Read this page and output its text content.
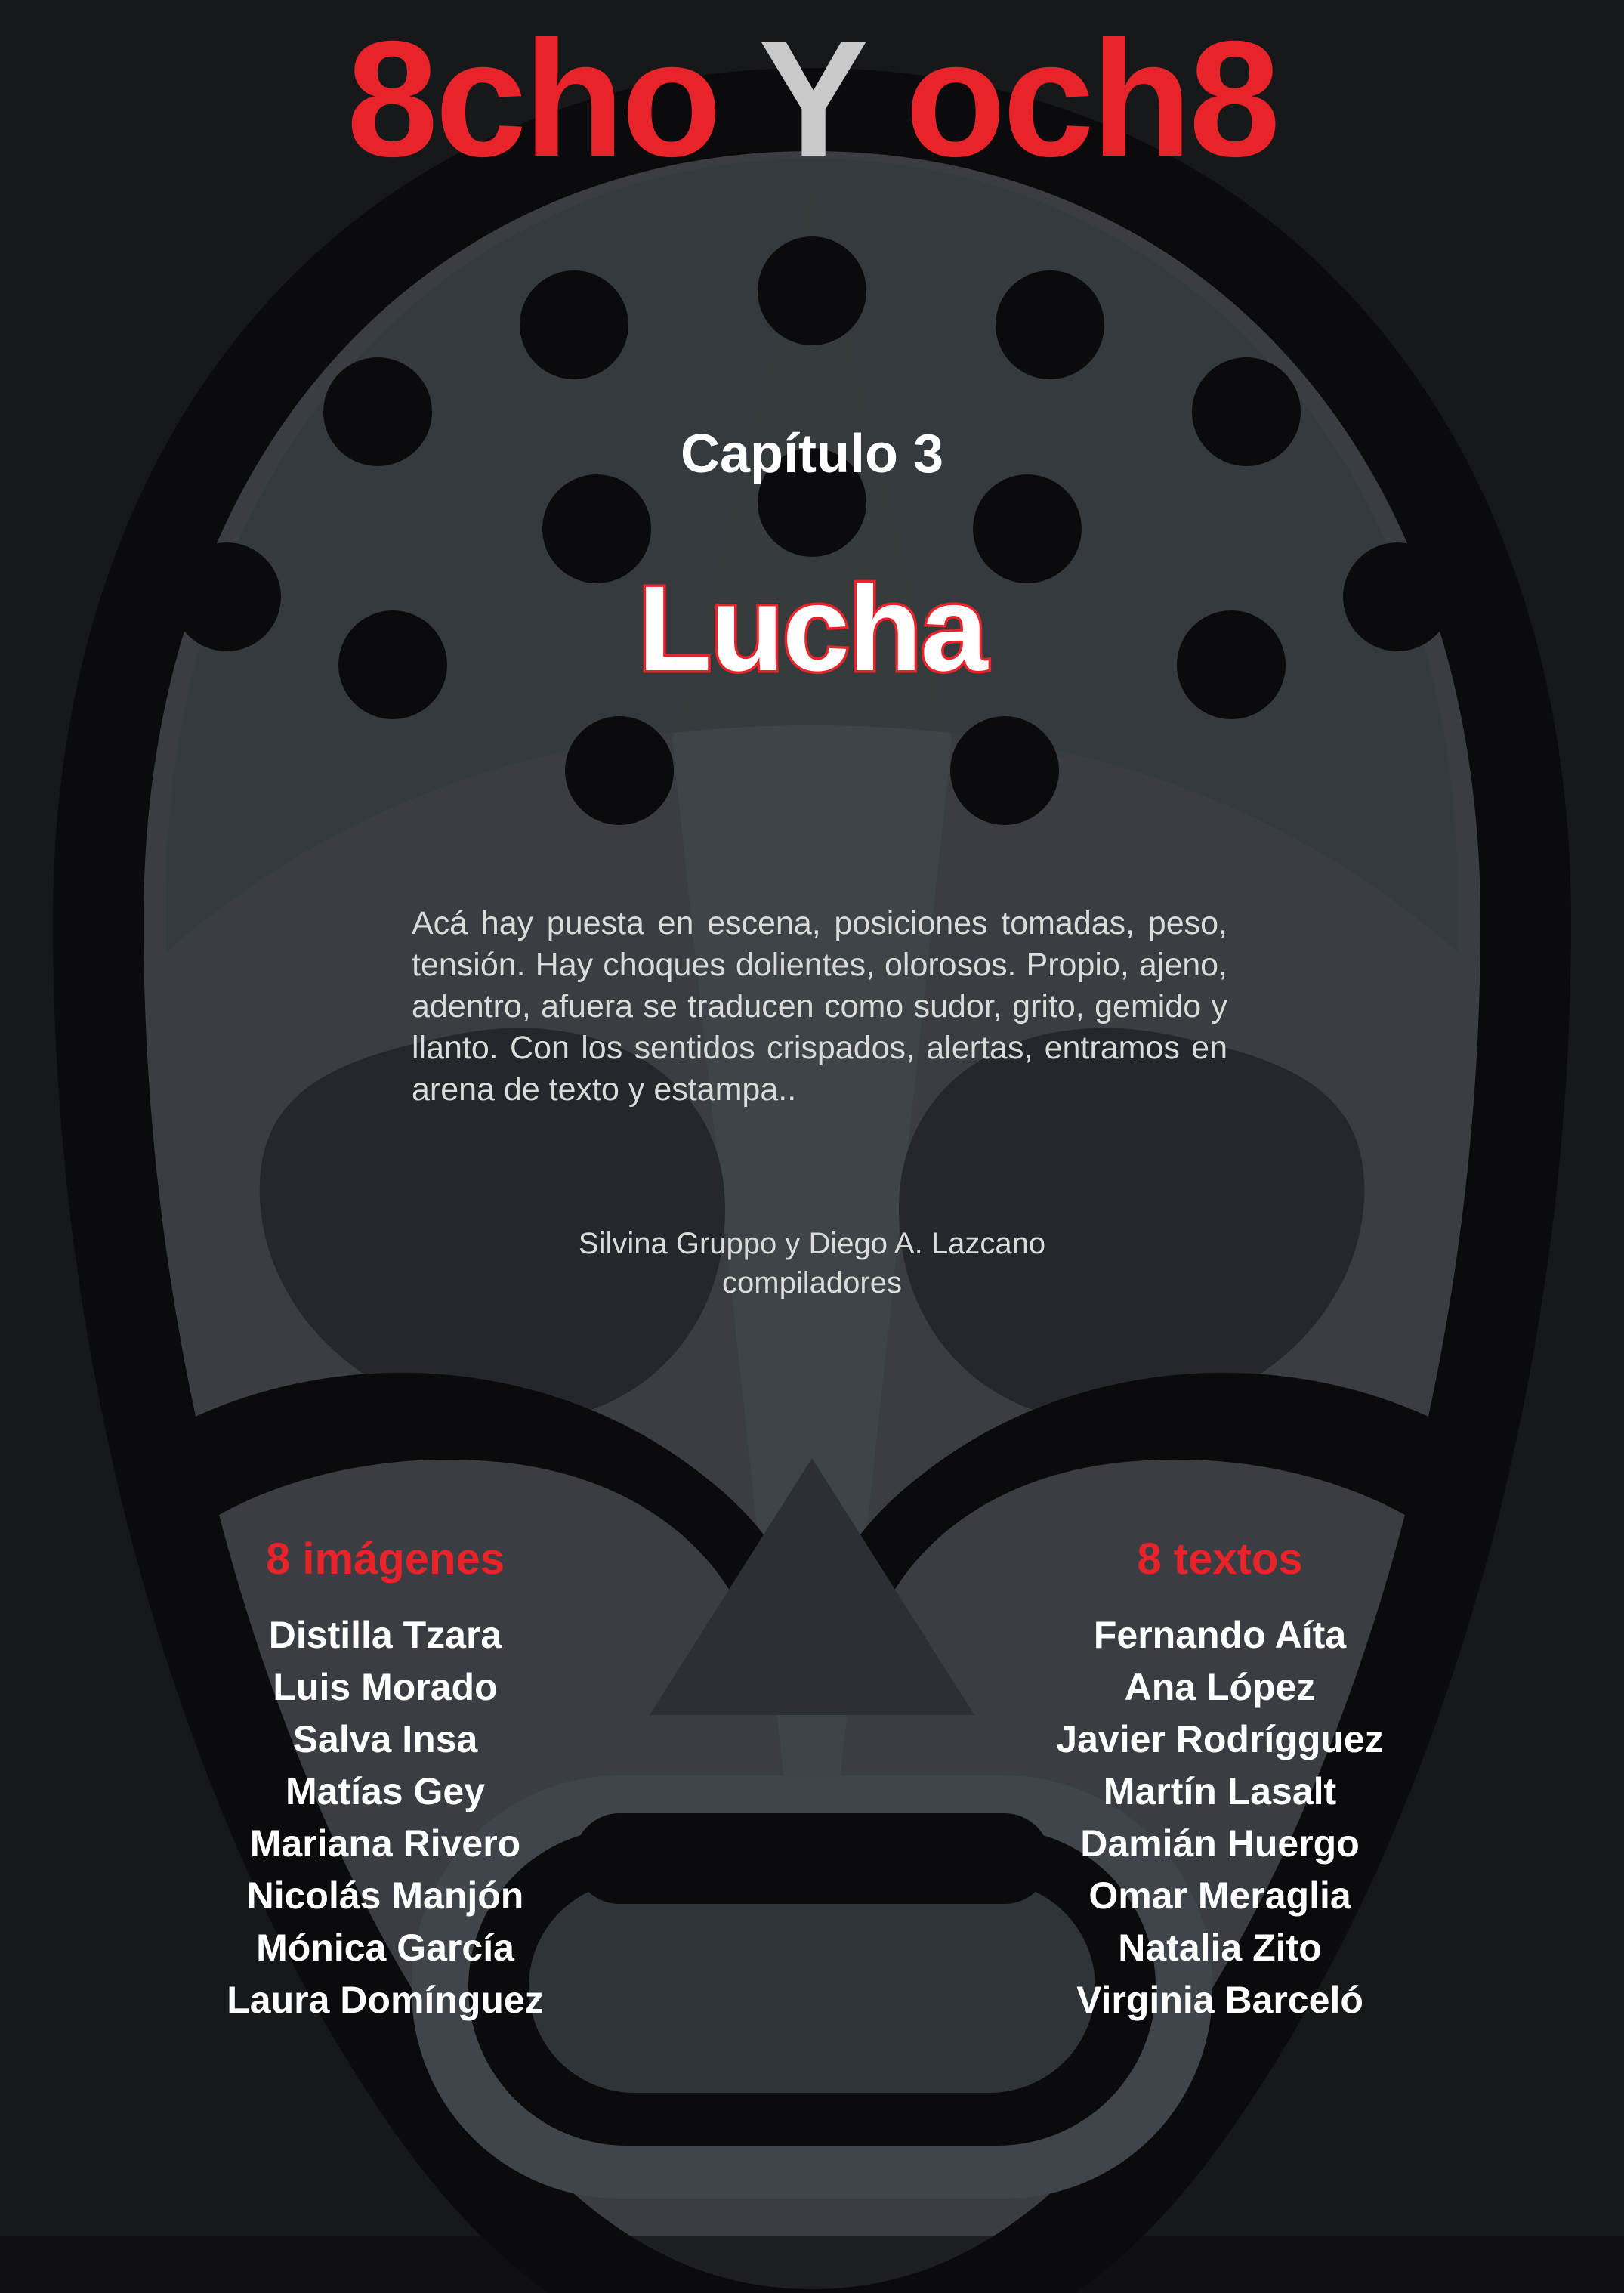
8cho Y och8
Capítulo 3
Lucha
Acá hay puesta en escena, posiciones tomadas, peso, tensión. Hay choques dolientes, olorosos. Propio, ajeno, adentro, afuera se traducen como sudor, grito, gemido y llanto. Con los sentidos crispados, alertas, entramos en arena de texto y estampa..
Silvina Gruppo y Diego A. Lazcano
compiladores
8 imágenes
Distilla Tzara
Luis Morado
Salva Insa
Matías Gey
Mariana Rivero
Nicolás Manjón
Mónica García
Laura Domínguez
8 textos
Fernando Aíta
Ana López
Javier Rodrígguez
Martín Lasalt
Damián Huergo
Omar Meraglia
Natalia Zito
Virginia Barceló
